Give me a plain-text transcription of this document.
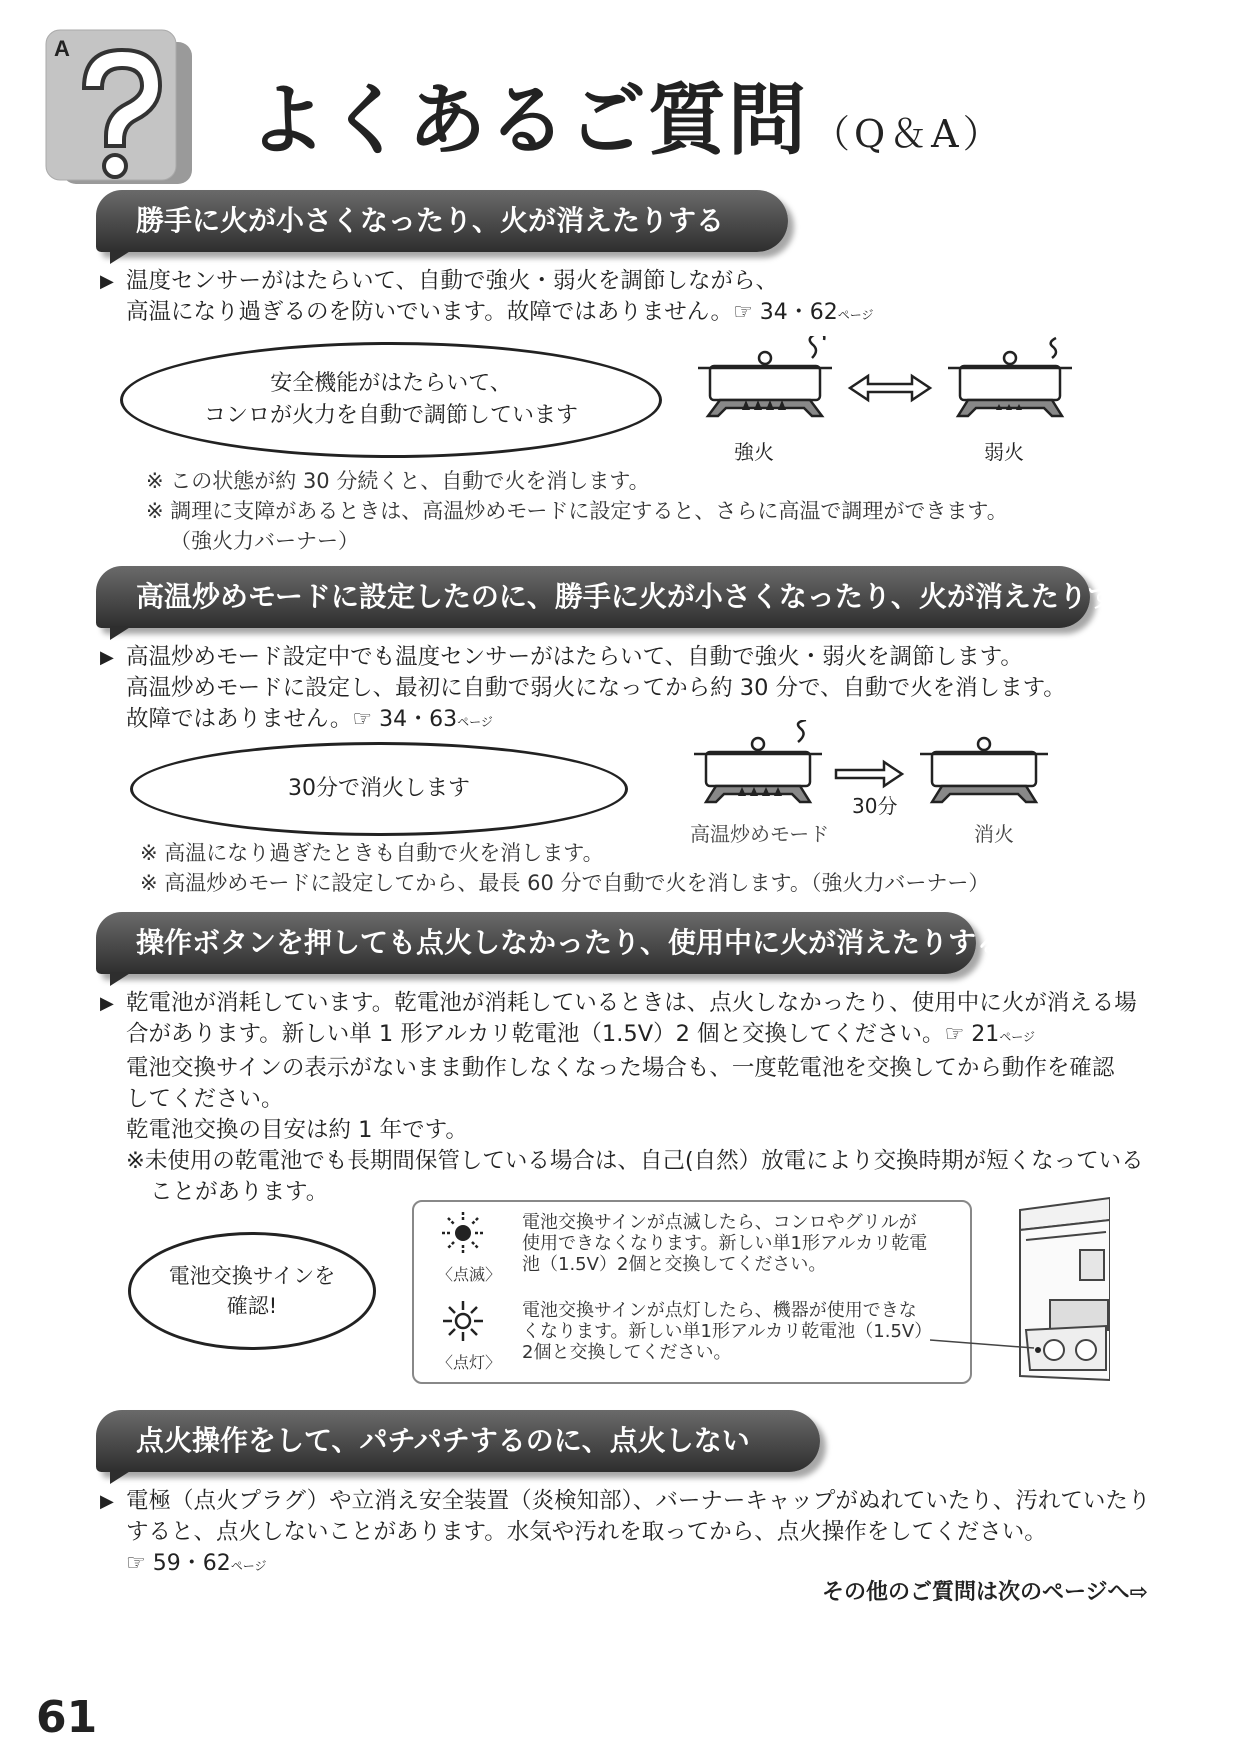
A
よくあるご質問 （Q＆A）
勝手に火が小さくなったり、火が消えたりする
▶ 温度センサーがはたらいて、自動で強火・弱火を調節しながら、
高温になり過ぎるのを防いでいます。故障ではありません。☞ 34・62ページ
安全機能がはたらいて、
コンロが火力を自動で調節しています
強火	弱火
※ この状態が約 30 分続くと、自動で火を消します。
※ 調理に支障があるときは、高温炒めモードに設定すると、さらに高温で調理ができます。
（強火力バーナー）
高温炒めモードに設定したのに、勝手に火が小さくなったり、火が消えたりする
▶ 高温炒めモード設定中でも温度センサーがはたらいて、自動で強火・弱火を調節します。
高温炒めモードに設定し、最初に自動で弱火になってから約 30 分で、自動で火を消します。
故障ではありません。☞ 34・63ページ
30分で消火します
高温炒めモード
30分
消火
※ 高温になり過ぎたときも自動で火を消します。
※ 高温炒めモードに設定してから、最長 60 分で自動で火を消します。（強火力バーナー）
操作ボタンを押しても点火しなかったり、使用中に火が消えたりする
▶ 乾電池が消耗しています。乾電池が消耗しているときは、点火しなかったり、使用中に火が消える場
合があります。新しい単 1 形アルカリ乾電池（1.5V）2 個と交換してください。☞ 21ページ
電池交換サインの表示がないまま動作しなくなった場合も、一度乾電池を交換してから動作を確認
してください。
乾電池交換の目安は約 1 年です。
※未使用の乾電池でも長期間保管している場合は、自己(自然）放電により交換時期が短くなっている
ことがあります。
電池交換サインを
確認!
〈点滅〉
電池交換サインが点滅したら、コンロやグリルが
使用できなくなります。新しい単1形アルカリ乾電
池（1.5V）2個と交換してください。
〈点灯〉
電池交換サインが点灯したら、機器が使用できな
くなります。新しい単1形アルカリ乾電池（1.5V）
2個と交換してください。
点火操作をして、パチパチするのに、点火しない
▶ 電極（点火プラグ）や立消え安全装置（炎検知部）、バーナーキャップがぬれていたり、汚れていたり
すると、点火しないことがあります。水気や汚れを取ってから、点火操作をしてください。
☞ 59・62ページ
その他のご質問は次のページへ⇨
61
